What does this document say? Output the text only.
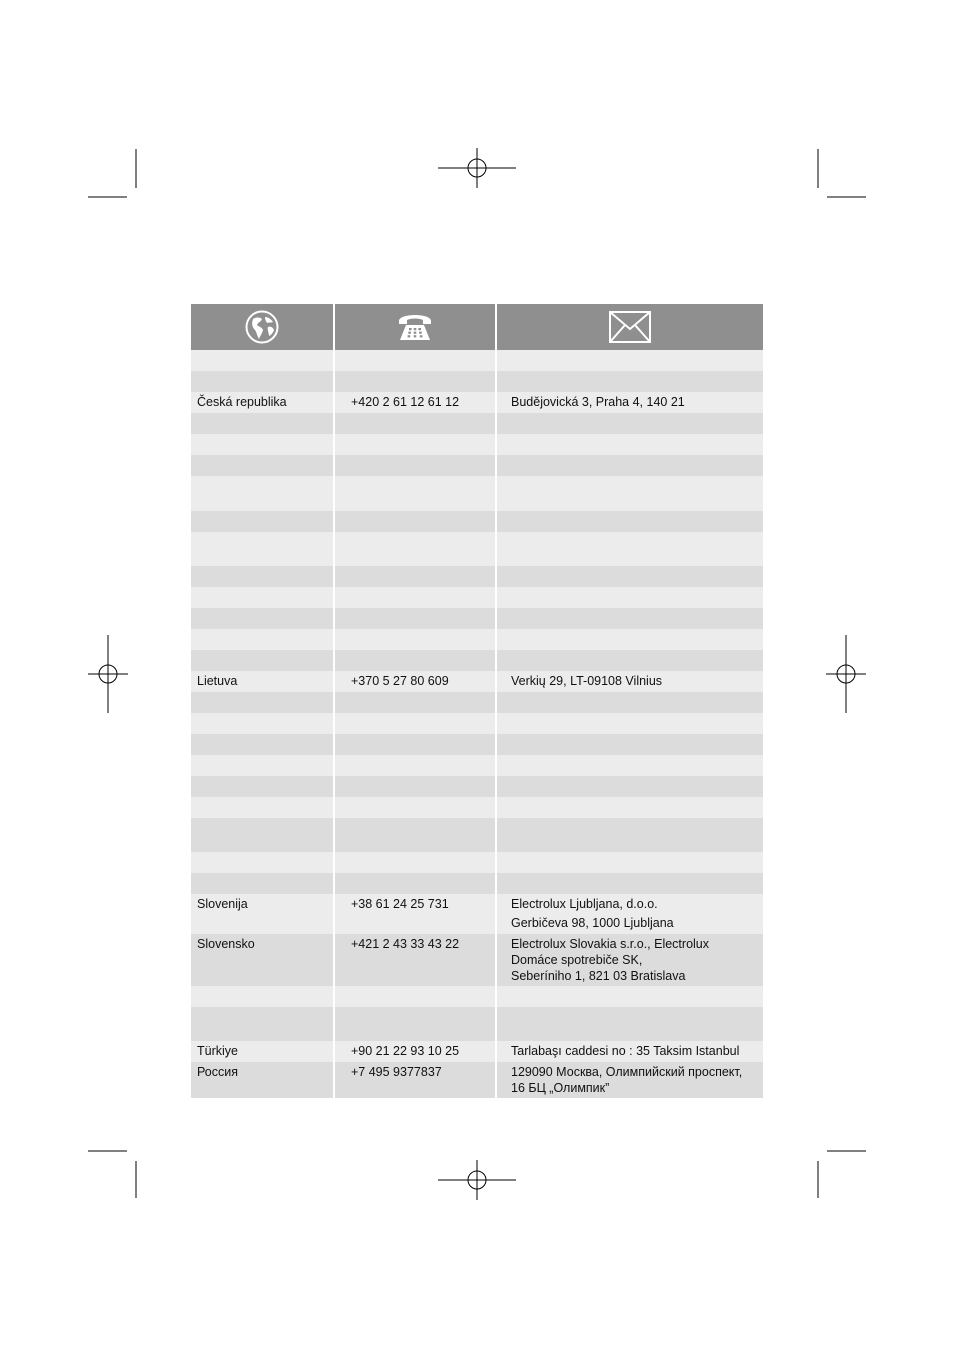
Česká republika	+420 2 61 12 61 12	Budějovická 3, Praha 4, 140 21

Lietuva	+370 5 27 80 609	Verkių 29, LT-09108 Vilnius

Slovenija	+38 61 24 25 731	Electrolux Ljubljana, d.o.o.
Gerbičeva 98, 1000 Ljubljana

Slovensko	+421 2 43 33 43 22	Electrolux Slovakia s.r.o., Electrolux
Domáce spotrebiče SK,
Seberíniho 1, 821 03 Bratislava

Türkiye	+90 21 22 93 10 25	Tarlabaşı caddesi no : 35 Taksim Istanbul

Россия	+7 495 9377837	129090 Москва, Олимпийский проспект,
16 БЦ „Олимпик”
